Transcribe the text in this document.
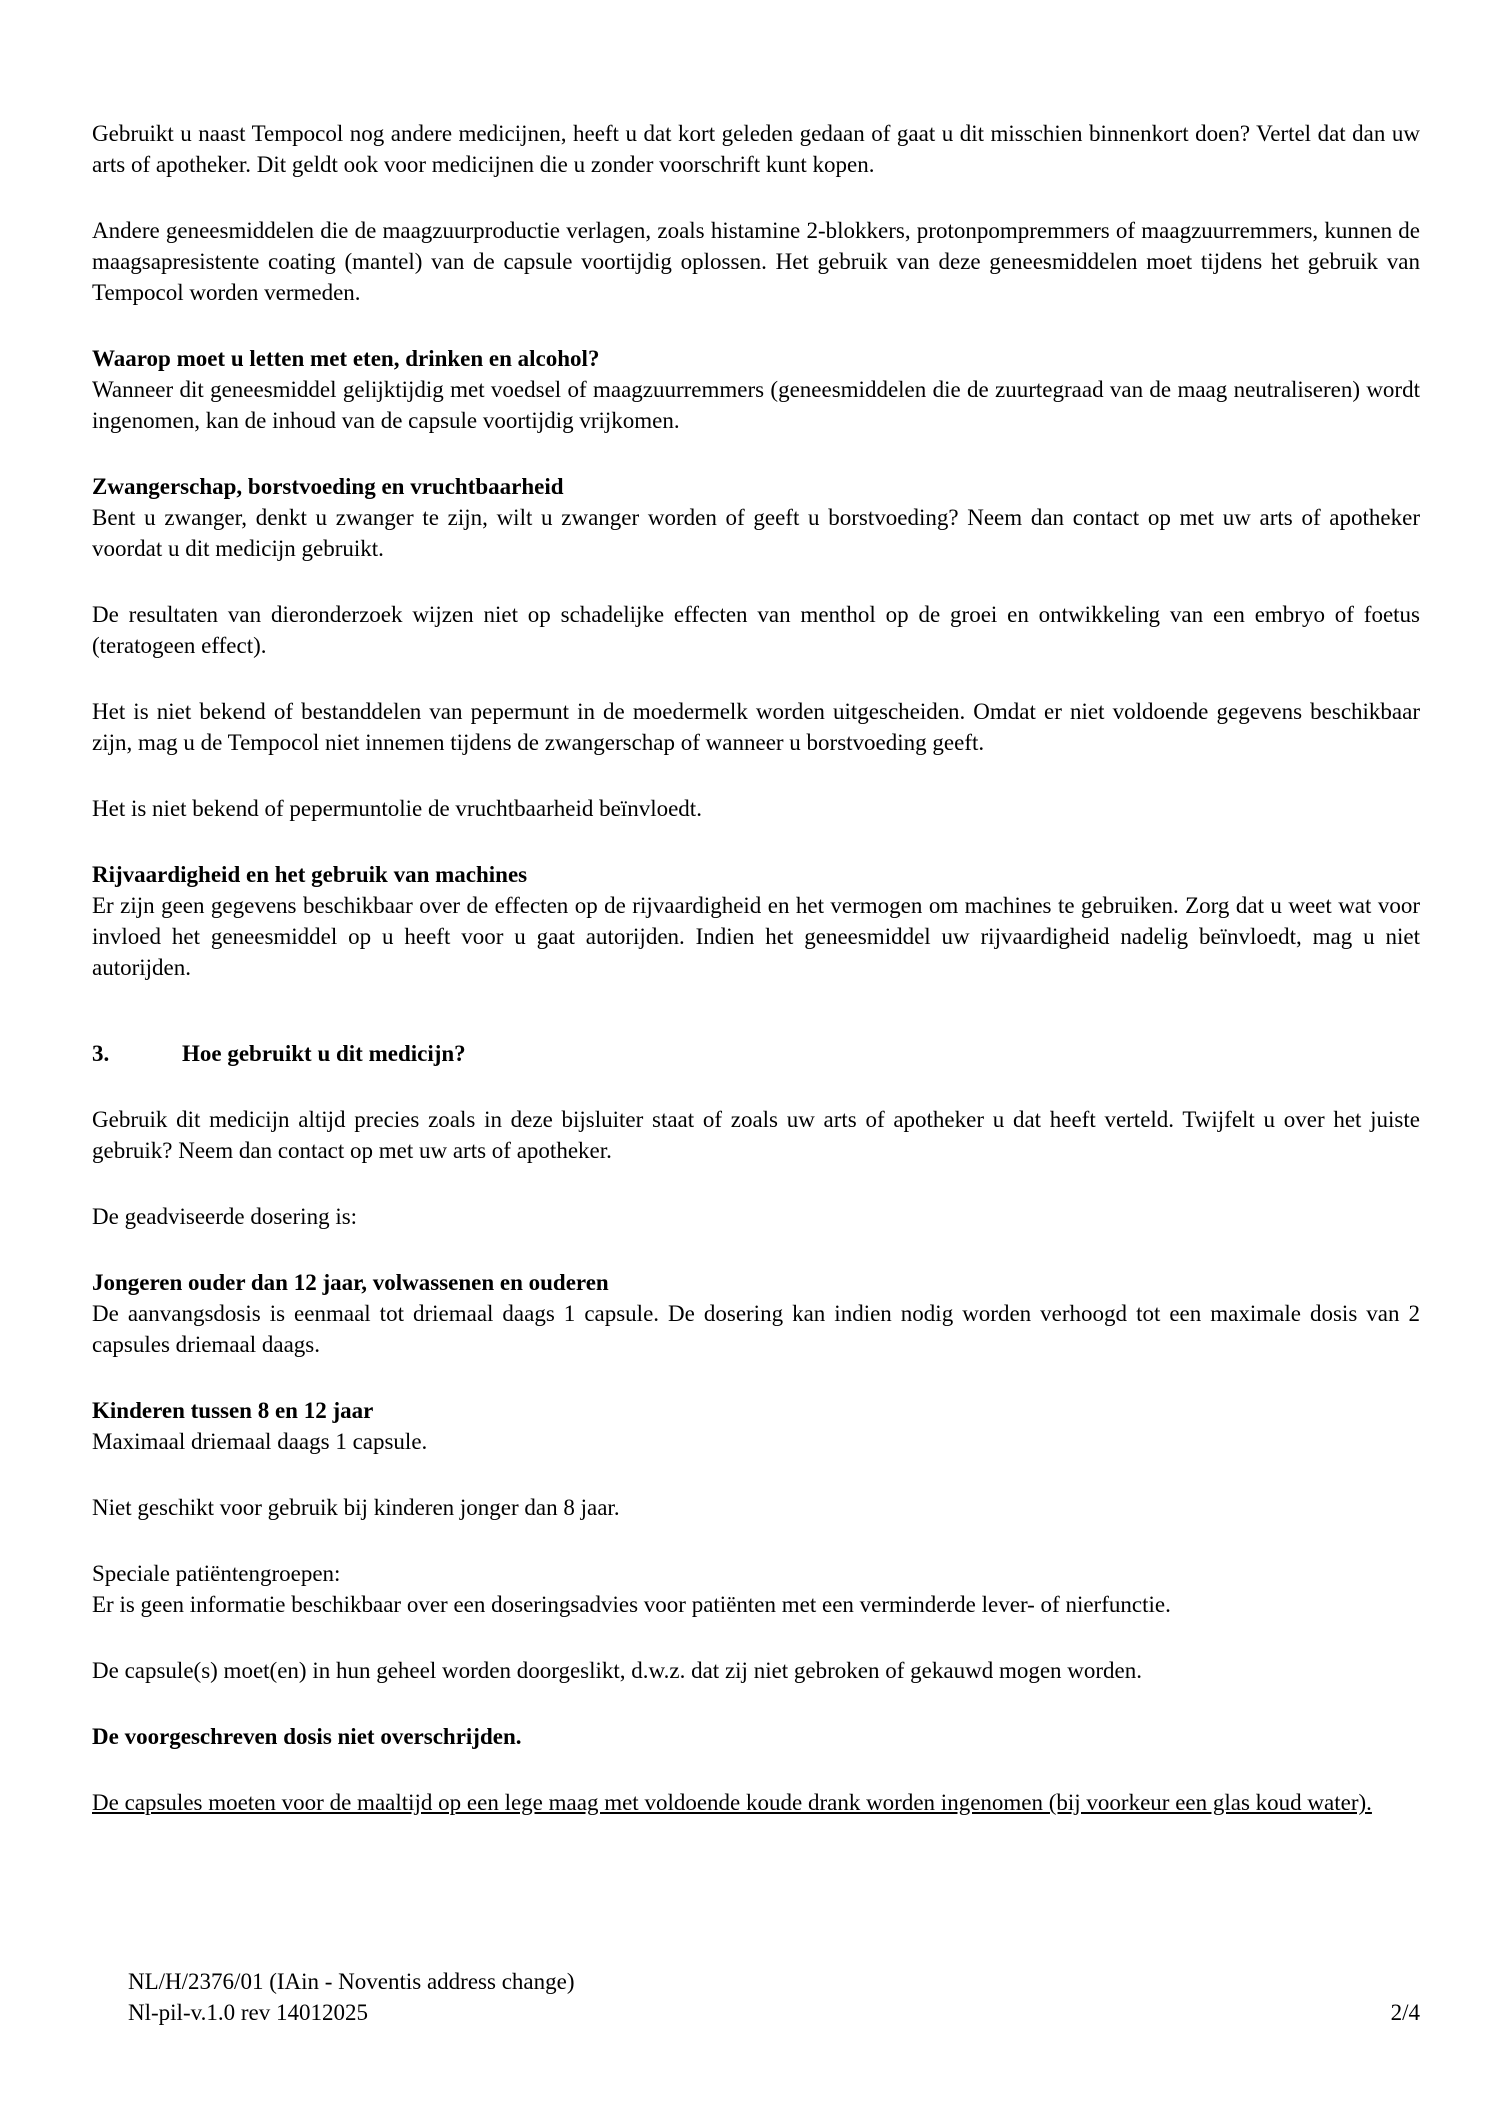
Gebruikt u naast Tempocol nog andere medicijnen, heeft u dat kort geleden gedaan of gaat u dit misschien binnenkort doen? Vertel dat dan uw arts of apotheker. Dit geldt ook voor medicijnen die u zonder voorschrift kunt kopen.

Andere geneesmiddelen die de maagzuurproductie verlagen, zoals histamine 2-blokkers, protonpompremmers of maagzuurremmers, kunnen de maagsapresistente coating (mantel) van de capsule voortijdig oplossen. Het gebruik van deze geneesmiddelen moet tijdens het gebruik van Tempocol worden vermeden.

Waarop moet u letten met eten, drinken en alcohol?

Wanneer dit geneesmiddel gelijktijdig met voedsel of maagzuurremmers (geneesmiddelen die de zuurtegraad van de maag neutraliseren) wordt ingenomen, kan de inhoud van de capsule voortijdig vrijkomen.

Zwangerschap, borstvoeding en vruchtbaarheid

Bent u zwanger, denkt u zwanger te zijn, wilt u zwanger worden of geeft u borstvoeding? Neem dan contact op met uw arts of apotheker voordat u dit medicijn gebruikt.

De resultaten van dieronderzoek wijzen niet op schadelijke effecten van menthol op de groei en ontwikkeling van een embryo of foetus (teratogeen effect).

Het is niet bekend of bestanddelen van pepermunt in de moedermelk worden uitgescheiden. Omdat er niet voldoende gegevens beschikbaar zijn, mag u de Tempocol niet innemen tijdens de zwangerschap of wanneer u borstvoeding geeft.

Het is niet bekend of pepermuntolie de vruchtbaarheid beïnvloedt.

Rijvaardigheid en het gebruik van machines

Er zijn geen gegevens beschikbaar over de effecten op de rijvaardigheid en het vermogen om machines te gebruiken. Zorg dat u weet wat voor invloed het geneesmiddel op u heeft voor u gaat autorijden. Indien het geneesmiddel uw rijvaardigheid nadelig beïnvloedt, mag u niet autorijden.

3.	Hoe gebruikt u dit medicijn?

Gebruik dit medicijn altijd precies zoals in deze bijsluiter staat of zoals uw arts of apotheker u dat heeft verteld. Twijfelt u over het juiste gebruik? Neem dan contact op met uw arts of apotheker.

De geadviseerde dosering is:

Jongeren ouder dan 12 jaar, volwassenen en ouderen

De aanvangsdosis is eenmaal tot driemaal daags 1 capsule. De dosering kan indien nodig worden verhoogd tot een maximale dosis van 2 capsules driemaal daags.

Kinderen tussen 8 en 12 jaar

Maximaal driemaal daags 1 capsule.

Niet geschikt voor gebruik bij kinderen jonger dan 8 jaar.

Speciale patiëntengroepen:

Er is geen informatie beschikbaar over een doseringsadvies voor patiënten met een verminderde lever- of nierfunctie.

De capsule(s) moet(en) in hun geheel worden doorgeslikt, d.w.z. dat zij niet gebroken of gekauwd mogen worden.

De voorgeschreven dosis niet overschrijden.

De capsules moeten voor de maaltijd op een lege maag met voldoende koude drank worden ingenomen (bij voorkeur een glas koud water).

NL/H/2376/01 (IAin - Noventis address change)
Nl-pil-v.1.0 rev 14012025	2/4
